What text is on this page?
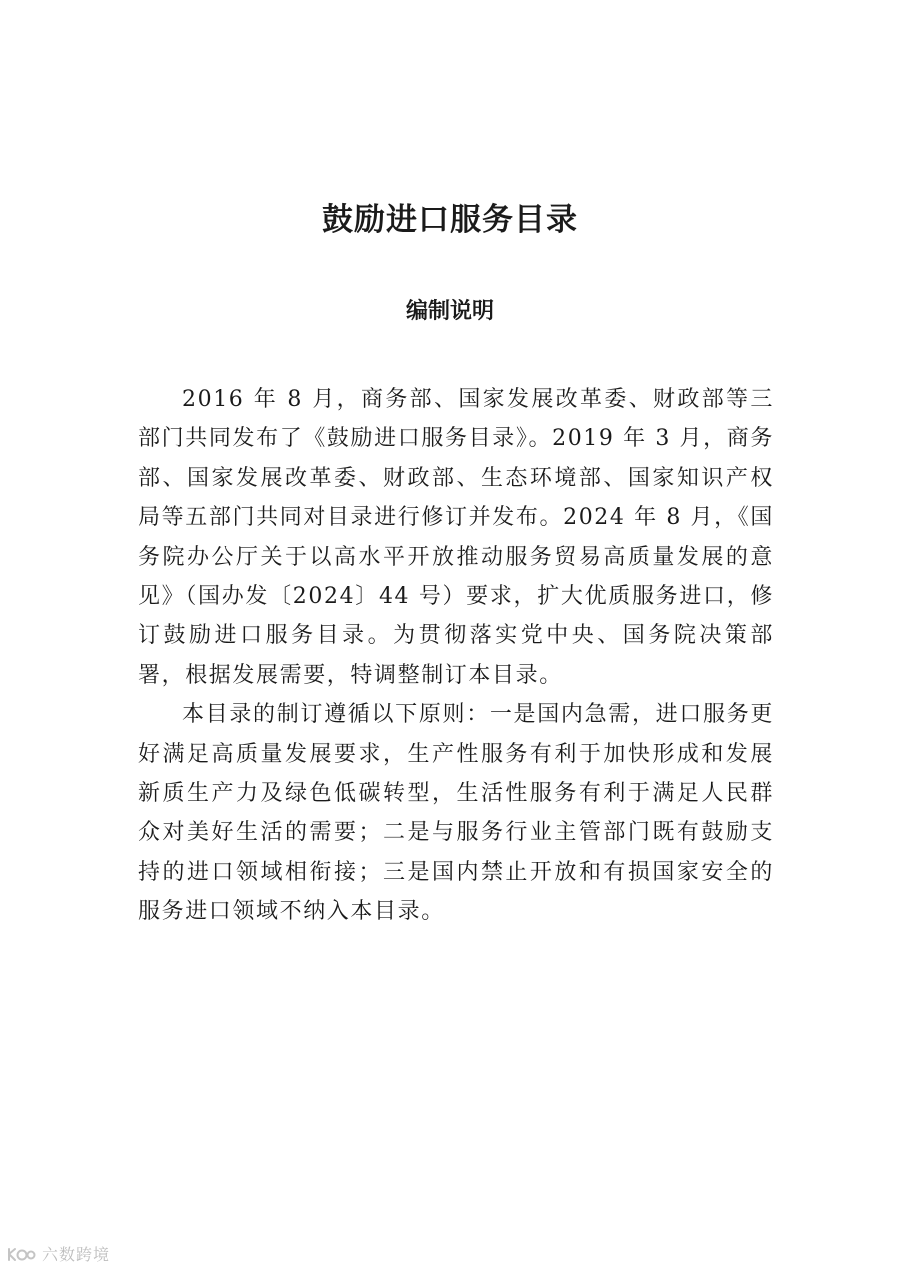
鼓励进口服务目录
编制说明

2016 年 8 月，商务部、国家发展改革委、财政部等三部门共同发布了《鼓励进口服务目录》。2019 年 3 月，商务部、国家发展改革委、财政部、生态环境部、国家知识产权局等五部门共同对目录进行修订并发布。2024 年 8 月，《国务院办公厅关于以高水平开放推动服务贸易高质量发展的意见》（国办发〔2024〕44 号）要求，扩大优质服务进口，修订鼓励进口服务目录。为贯彻落实党中央、国务院决策部署，根据发展需要，特调整制订本目录。

本目录的制订遵循以下原则：一是国内急需，进口服务更好满足高质量发展要求，生产性服务有利于加快形成和发展新质生产力及绿色低碳转型，生活性服务有利于满足人民群众对美好生活的需要；二是与服务行业主管部门既有鼓励支持的进口领域相衔接；三是国内禁止开放和有损国家安全的服务进口领域不纳入本目录。

六数跨境
